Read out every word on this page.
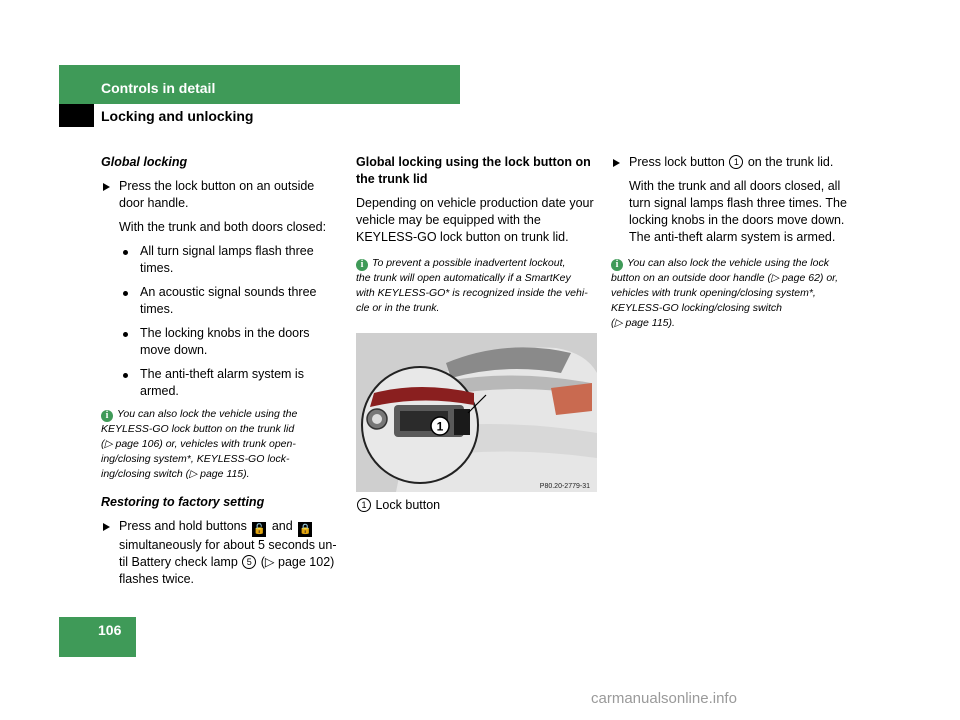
Controls in detail
Locking and unlocking
Global locking
Press the lock button on an outside
door handle.
With the trunk and both doors closed:
All turn signal lamps flash three
times.
An acoustic signal sounds three
times.
The locking knobs in the doors
move down.
The anti-theft alarm system is
armed.
i You can also lock the vehicle using the
KEYLESS-GO lock button on the trunk lid
(▷ page 106) or, vehicles with trunk open-
ing/closing system*, KEYLESS-GO lock-
ing/closing switch (▷ page 115).
Restoring to factory setting
Press and hold buttons 🔓 and 🔒
simultaneously for about 5 seconds un-
til Battery check lamp 5 (▷ page 102)
flashes twice.
Global locking using the lock button on
the trunk lid
Depending on vehicle production date your
vehicle may be equipped with the
KEYLESS-GO lock button on trunk lid.
i To prevent a possible inadvertent lockout,
the trunk will open automatically if a SmartKey
with KEYLESS-GO* is recognized inside the vehi-
cle or in the trunk.
1
P80.20-2779-31
1 Lock button
Press lock button 1 on the trunk lid.
With the trunk and all doors closed, all
turn signal lamps flash three times. The
locking knobs in the doors move down.
The anti-theft alarm system is armed.
i You can also lock the vehicle using the lock
button on an outside door handle (▷ page 62) or,
vehicles with trunk opening/closing system*,
KEYLESS-GO locking/closing switch
(▷ page 115).
106
carmanualsonline.info
